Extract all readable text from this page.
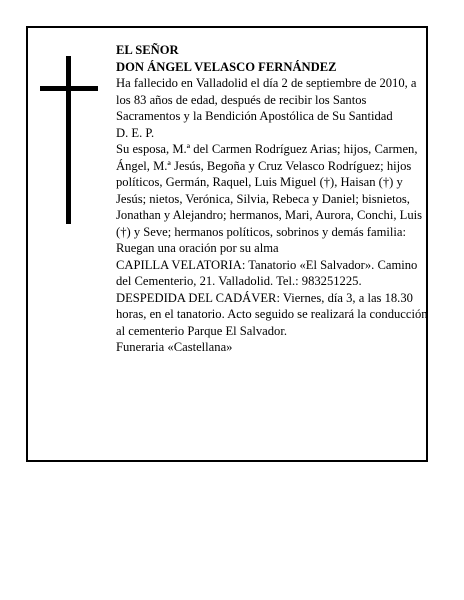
EL SEÑOR

DON ÁNGEL VELASCO FERNÁNDEZ

Ha fallecido en Valladolid el día 2 de septiembre de 2010, a los 83 años de edad, después de recibir los Santos Sacramentos y la Bendición Apostólica de Su Santidad

D. E. P.

Su esposa, M.ª del Carmen Rodríguez Arias; hijos, Carmen, Ángel, M.ª Jesús, Begoña y Cruz Velasco Rodríguez; hijos políticos, Germán, Raquel, Luis Miguel (†), Haisan (†) y Jesús; nietos, Verónica, Silvia, Rebeca y Daniel; bisnietos, Jonathan y Alejandro; hermanos, Mari, Aurora, Conchi, Luis (†) y Seve; hermanos políticos, sobrinos y demás familia:

Ruegan una oración por su alma

CAPILLA VELATORIA: Tanatorio «El Salvador». Camino del Cementerio, 21. Valladolid. Tel.: 983251225.

DESPEDIDA DEL CADÁVER: Viernes, día 3, a las 18.30 horas, en el tanatorio. Acto seguido se realizará la conducción al cementerio Parque El Salvador.

Funeraria «Castellana»
